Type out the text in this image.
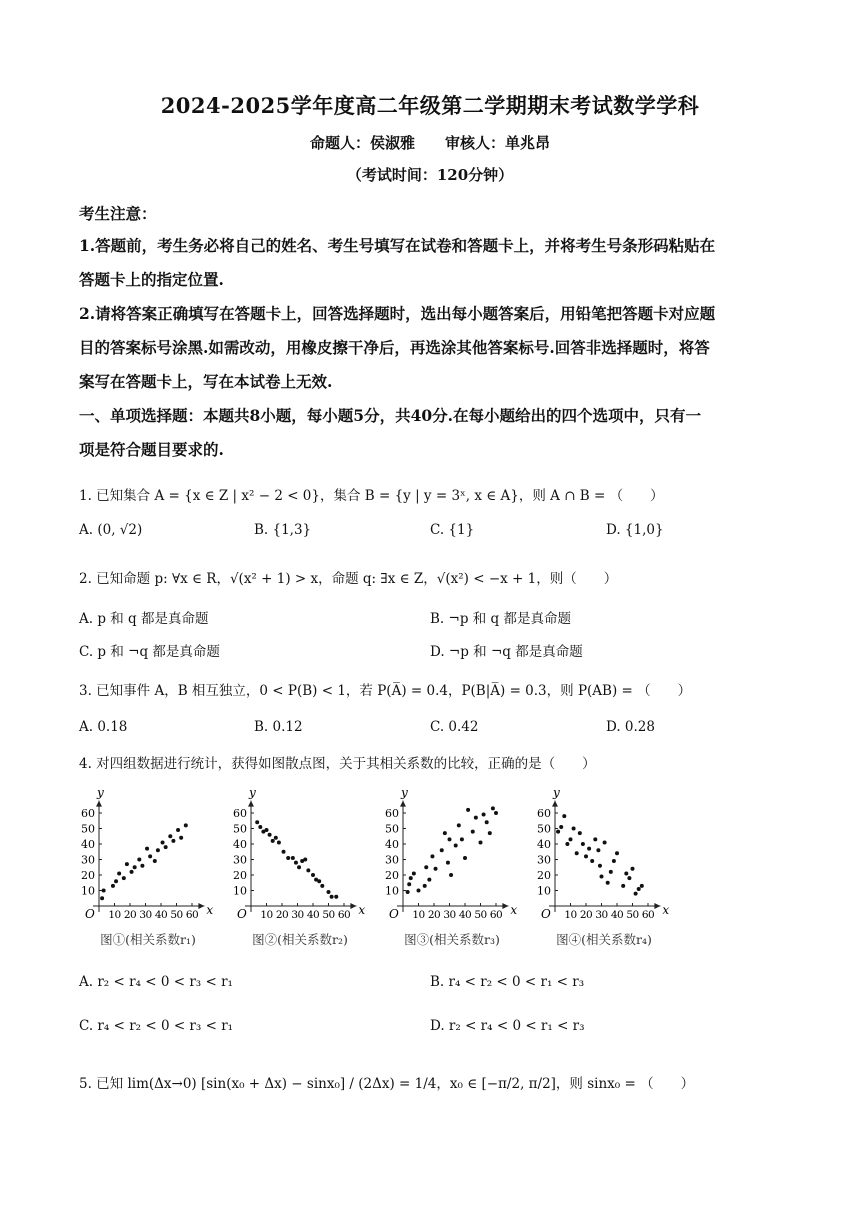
2024-2025学年度高二年级第二学期期末考试数学学科
命题人：侯淑雅　　审核人：单兆昂
（考试时间：120分钟）
考生注意：
1.答题前，考生务必将自己的姓名、考生号填写在试卷和答题卡上，并将考生号条形码粘贴在
答题卡上的指定位置.
2.请将答案正确填写在答题卡上，回答选择题时，选出每小题答案后，用铅笔把答题卡对应题
目的答案标号涂黑.如需改动，用橡皮擦干净后，再选涂其他答案标号.回答非选择题时，将答
案写在答题卡上，写在本试卷上无效.
一、单项选择题：本题共8小题，每小题5分，共40分.在每小题给出的四个选项中，只有一
项是符合题目要求的.
1. 已知集合 A = {x ∈ Z | x² − 2 < 0}，集合 B = {y | y = 3ˣ, x ∈ A}，则 A ∩ B = （　　）
A. (0, √2)	B. {1,3}	C. {1}	D. {1,0}
2. 已知命题 p: ∀x ∈ R，√(x² + 1) > x，命题 q: ∃x ∈ Z，√(x²) < −x + 1，则（　　）
A. p 和 q 都是真命题	B. ¬p 和 q 都是真命题
C. p 和 ¬q 都是真命题	D. ¬p 和 ¬q 都是真命题
3. 已知事件 A，B 相互独立，0 < P(B) < 1，若 P(A̅) = 0.4，P(B|A̅) = 0.3，则 P(AB) = （　　）
A. 0.18	B. 0.12	C. 0.42	D. 0.28
4. 对四组数据进行统计，获得如图散点图，关于其相关系数的比较，正确的是（　　）
x
y
O
10
20
30
40
50
60
10 20 30 40 50 60
图①(相关系数r₁)
x
y
O
10
20
30
40
50
60
10 20 30 40 50 60
图②(相关系数r₂)
x
y
O
10
20
30
40
50
60
10 20 30 40 50 60
图③(相关系数r₃)
x
y
O
10
20
30
40
50
60
10 20 30 40 50 60
图④(相关系数r₄)
A. r₂ < r₄ < 0 < r₃ < r₁	B. r₄ < r₂ < 0 < r₁ < r₃
C. r₄ < r₂ < 0 < r₃ < r₁	D. r₂ < r₄ < 0 < r₁ < r₃
5. 已知 lim(Δx→0) [sin(x₀ + Δx) − sinx₀] / (2Δx) = 1/4，x₀ ∈ [−π/2, π/2]，则 sinx₀ = （　　）
